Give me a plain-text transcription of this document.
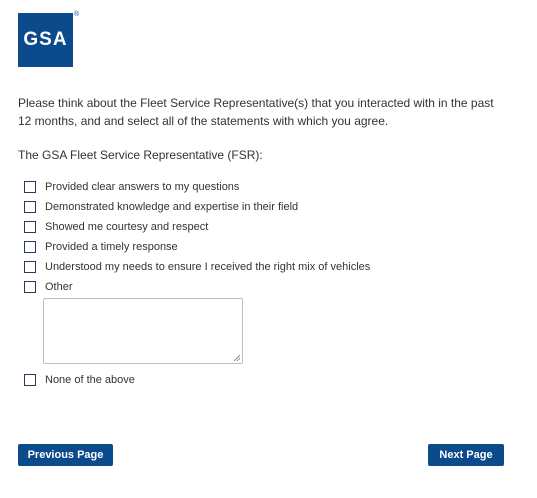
GSA
®
Please think about the Fleet Service Representative(s) that you interacted with in the past
12 months, and and select all of the statements with which you agree.
The GSA Fleet Service Representative (FSR):
Provided clear answers to my questions
Demonstrated knowledge and expertise in their field
Showed me courtesy and respect
Provided a timely response
Understood my needs to ensure I received the right mix of vehicles
Other
None of the above
Previous Page	Next Page
